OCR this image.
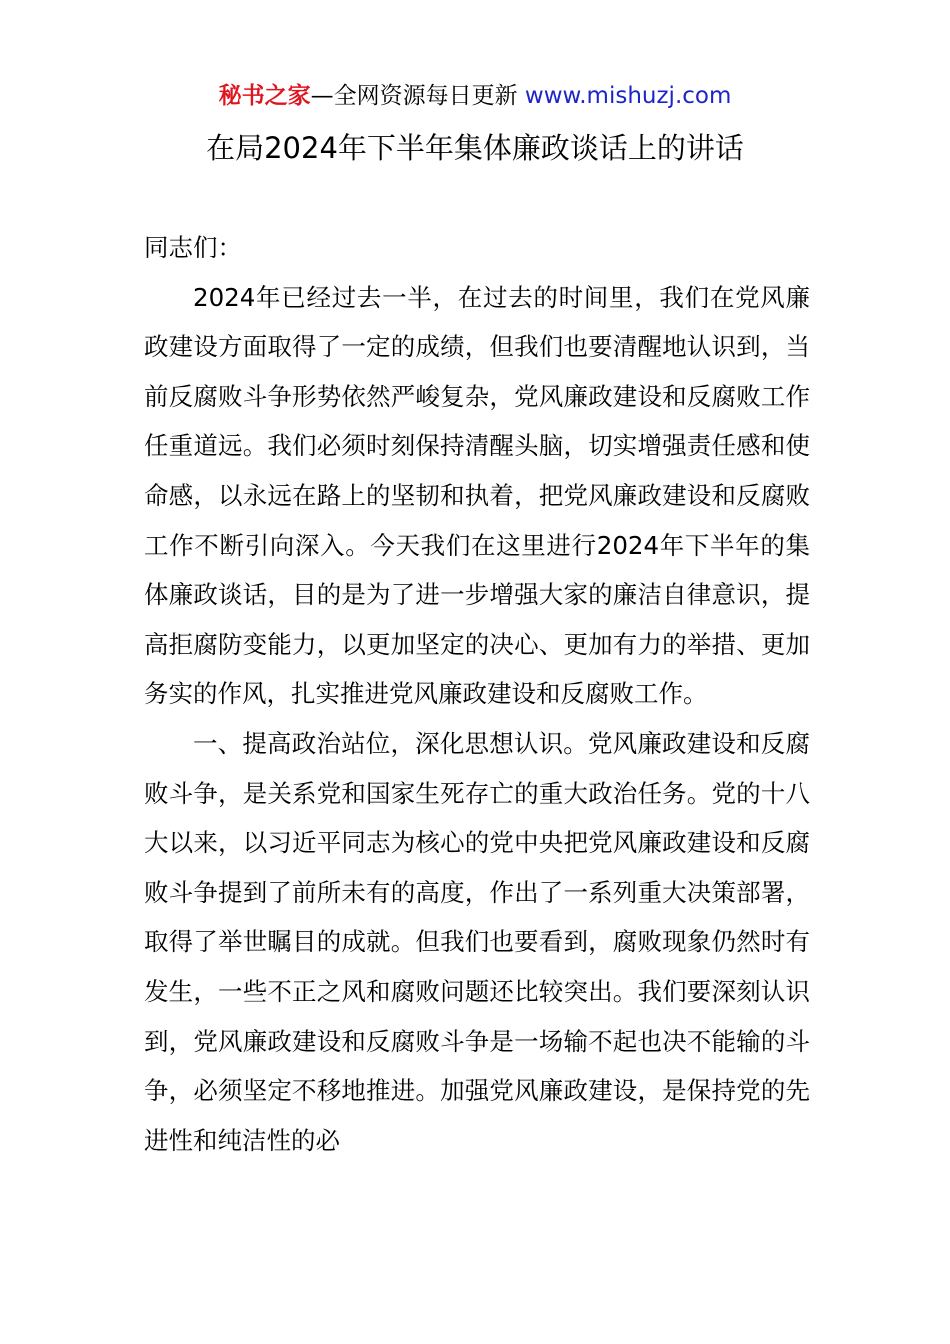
秘书之家—全网资源每日更新 www.mishuzj.com
在局2024年下半年集体廉政谈话上的讲话

同志们：

2024年已经过去一半，在过去的时间里，我们在党风廉政建设方面取得了一定的成绩，但我们也要清醒地认识到，当前反腐败斗争形势依然严峻复杂，党风廉政建设和反腐败工作任重道远。我们必须时刻保持清醒头脑，切实增强责任感和使命感，以永远在路上的坚韧和执着，把党风廉政建设和反腐败工作不断引向深入。今天我们在这里进行2024年下半年的集体廉政谈话，目的是为了进一步增强大家的廉洁自律意识，提高拒腐防变能力，以更加坚定的决心、更加有力的举措、更加务实的作风，扎实推进党风廉政建设和反腐败工作。

一、提高政治站位，深化思想认识。党风廉政建设和反腐败斗争，是关系党和国家生死存亡的重大政治任务。党的十八大以来，以习近平同志为核心的党中央把党风廉政建设和反腐败斗争提到了前所未有的高度，作出了一系列重大决策部署，取得了举世瞩目的成就。但我们也要看到，腐败现象仍然时有发生，一些不正之风和腐败问题还比较突出。我们要深刻认识到，党风廉政建设和反腐败斗争是一场输不起也决不能输的斗争，必须坚定不移地推进。加强党风廉政建设，是保持党的先进性和纯洁性的必
